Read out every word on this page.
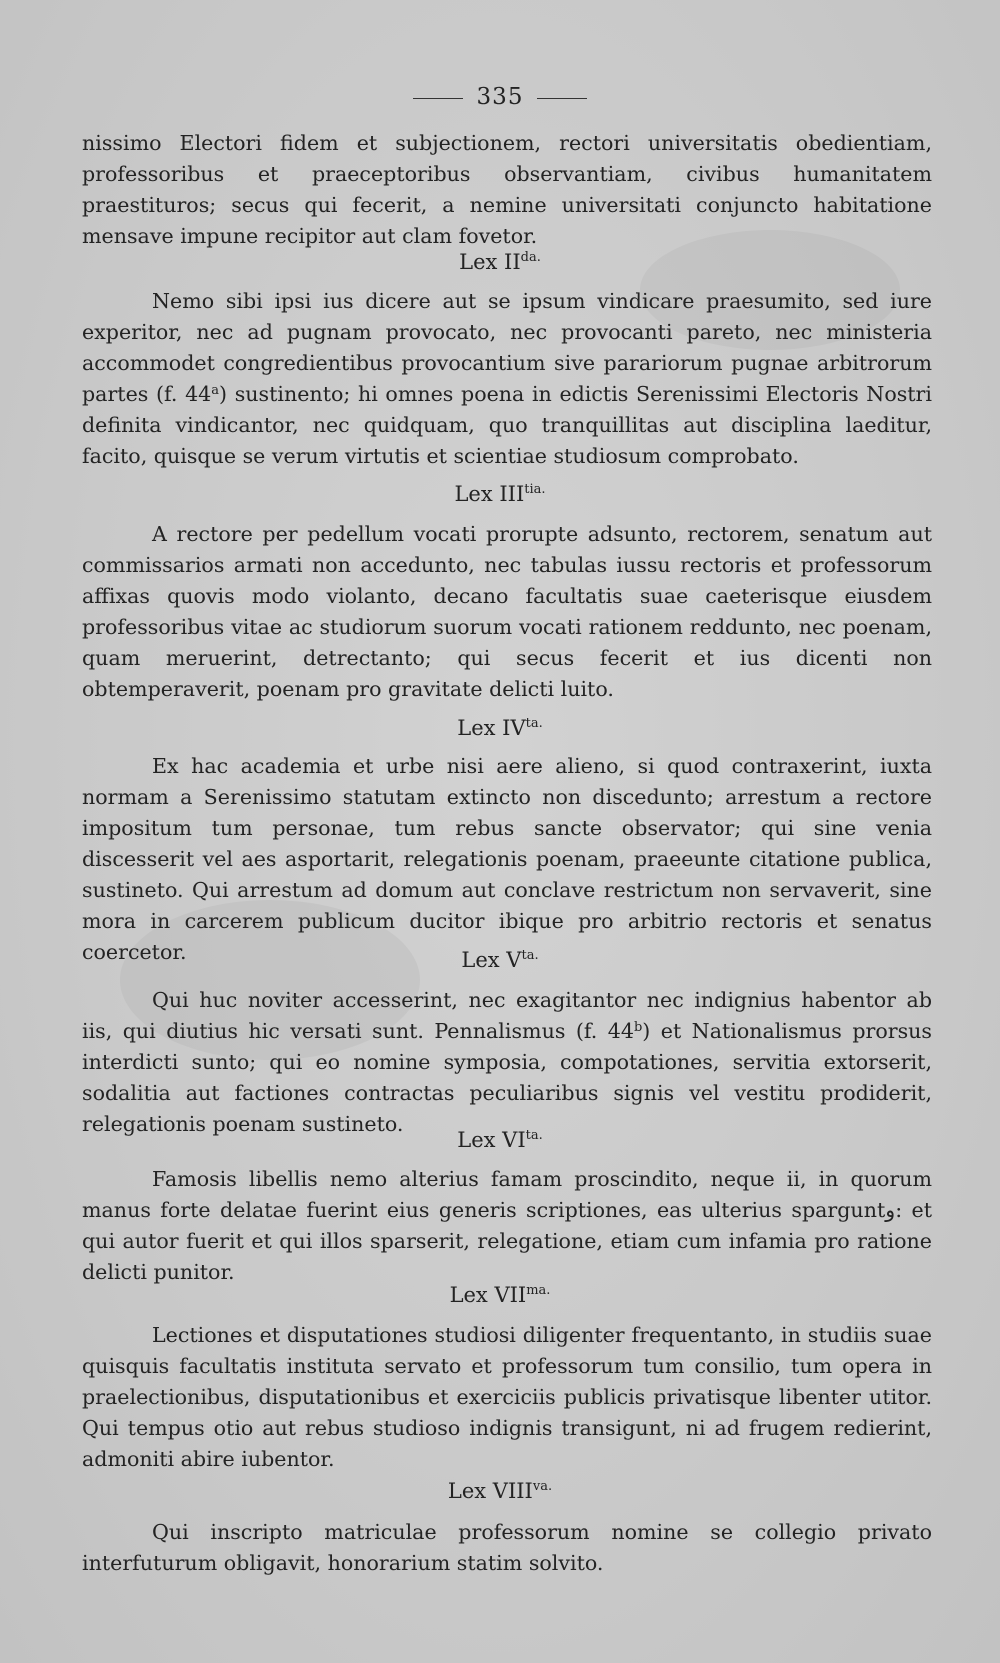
335

nissimo Electori fidem et subjectionem, rectori universitatis obedientiam, professoribus et praeceptoribus observantiam, civibus humanitatem praestituros; secus qui fecerit, a nemine universitati conjuncto habitatione mensave impune recipitor aut clam fovetor.

Lex $II^{da.}$

Nemo sibi ipsi ius dicere aut se ipsum vindicare praesumito, sed iure experitor, nec ad pugnam provocato, nec provocanti pareto, nec ministeria accommodet congredientibus provocantium sive parariorum pugnae arbitrorum partes (f. 44$^a$) sustinento; hi omnes poena in edictis Serenissimi Electoris Nostri definita vindicantor, nec quidquam, quo tranquillitas aut disciplina laeditur, facito, quisque se verum virtutis et scientiae studiosum comprobato.

Lex $III^{tia.}$

A rectore per pedellum vocati prorupte adsunto, rectorem, senatum aut commissarios armati non accedunto, nec tabulas iussu rectoris et professorum affixas quovis modo violanto, decano facultatis suae caeterisque eiusdem professoribus vitae ac studiorum suorum vocati rationem reddunto, nec poenam, quam meruerint, detrectanto; qui secus fecerit et ius dicenti non obtemperaverit, poenam pro gravitate delicti luito.

Lex $IV^{ta.}$

Ex hac academia et urbe nisi aere alieno, si quod contraxerint, iuxta normam a Serenissimo statutam extincto non discedunto; arrestum a rectore impositum tum personae, tum rebus sancte observator; qui sine venia discesserit vel aes asportarit, relegationis poenam, praeeunte citatione publica, sustineto. Qui arrestum ad domum aut conclave restrictum non servaverit, sine mora in carcerem publicum ducitor ibique pro arbitrio rectoris et senatus coercetor.	Lex $V^{ta.}$

Qui huc noviter accesserint, nec exagitantor nec indignius habentor ab iis, qui diutius hic versati sunt. Pennalismus (f. 44$^b$) et Nationalismus prorsus interdicti sunto; qui eo nomine symposia, compotationes, servitia extorserit, sodalitia aut factiones contractas peculiaribus signis vel vestitu prodiderit, relegationis poenam sustineto.

Lex $VI^{ta.}$

Famosis libellis nemo alterius famam proscindito, neque ii, in quorum manus forte delatae fuerint eius generis scriptiones, eas ulterius sparguntو: et qui autor fuerit et qui illos sparserit, relegatione, etiam cum infamia pro ratione delicti punitor.

Lex $VII^{ma.}$

Lectiones et disputationes studiosi diligenter frequentanto, in studiis suae quisquis facultatis instituta servato et professorum tum consilio, tum opera in praelectionibus, disputationibus et exerciciis publicis privatisque libenter utitor. Qui tempus otio aut rebus studioso indignis transigunt, ni ad frugem redierint, admoniti abire iubentor.

Lex $VIII^{va.}$

Qui inscripto matriculae professorum nomine se collegio privato interfuturum obligavit, honorarium statim solvito.
